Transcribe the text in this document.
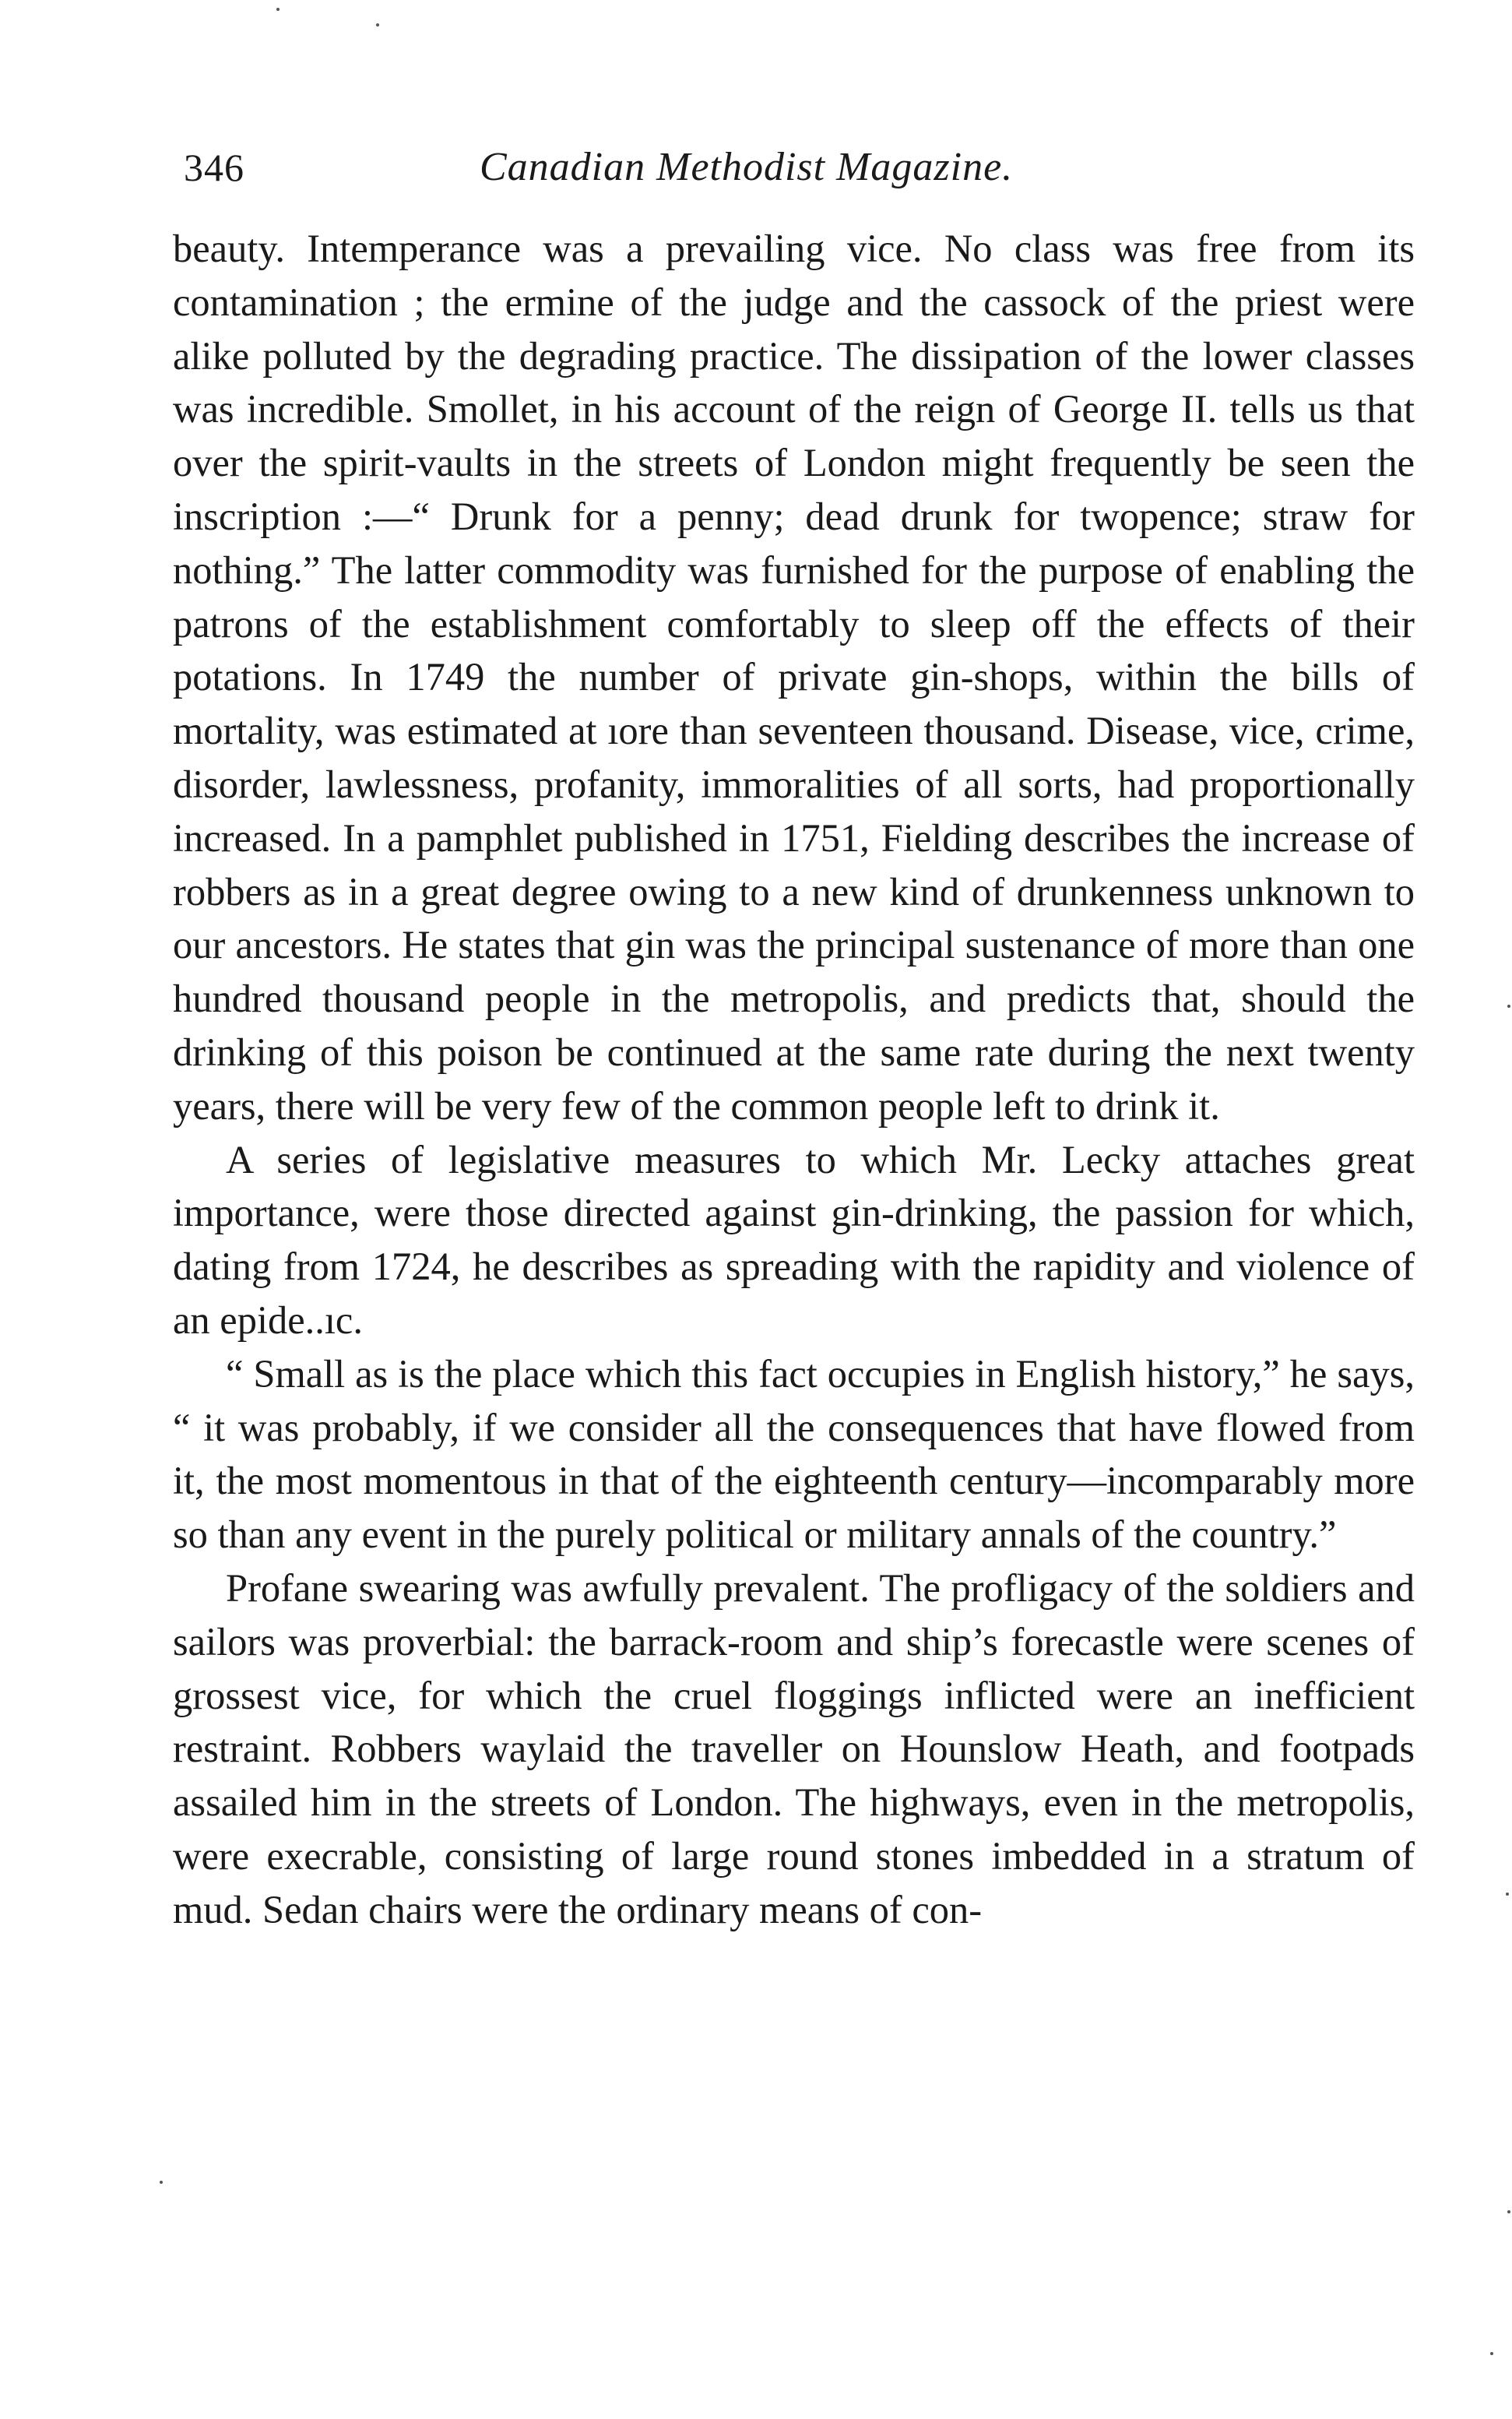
346	Canadian Methodist Magazine.

beauty. Intemperance was a prevailing vice. No class was free from its contamination ; the ermine of the judge and the cassock of the priest were alike polluted by the degrading practice. The dissipation of the lower classes was incredible. Smollet, in his account of the reign of George II. tells us that over the spirit-vaults in the streets of London might frequently be seen the inscription :—“ Drunk for a penny; dead drunk for twopence; straw for nothing.” The latter commodity was furnished for the purpose of enabling the patrons of the establishment comfortably to sleep off the effects of their potations. In 1749 the number of private gin-shops, within the bills of mortality, was estimated at ıore than seventeen thousand. Disease, vice, crime, disorder, lawlessness, profanity, immoralities of all sorts, had proportionally increased. In a pamphlet published in 1751, Fielding describes the increase of robbers as in a great degree owing to a new kind of drunkenness unknown to our ancestors. He states that gin was the principal sustenance of more than one hundred thousand people in the metropolis, and predicts that, should the drinking of this poison be continued at the same rate during the next twenty years, there will be very few of the common people left to drink it.

A series of legislative measures to which Mr. Lecky attaches great importance, were those directed against gin-drinking, the passion for which, dating from 1724, he describes as spreading with the rapidity and violence of an epide..ıc.

“ Small as is the place which this fact occupies in English history,” he says, “ it was probably, if we consider all the consequences that have flowed from it, the most momentous in that of the eighteenth century—incomparably more so than any event in the purely political or military annals of the country.”

Profane swearing was awfully prevalent. The profligacy of the soldiers and sailors was proverbial: the barrack-room and ship’s forecastle were scenes of grossest vice, for which the cruel floggings inflicted were an inefficient restraint. Robbers waylaid the traveller on Hounslow Heath, and footpads assailed him in the streets of London. The highways, even in the metropolis, were execrable, consisting of large round stones imbedded in a stratum of mud. Sedan chairs were the ordinary means of con-
